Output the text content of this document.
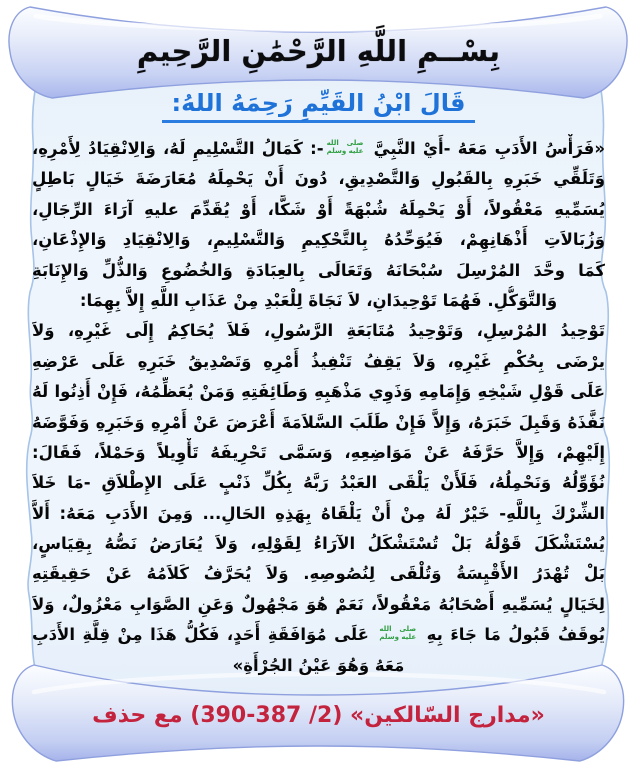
بِسْــمِ اللَّهِ الرَّحْمَٰنِ الرَّحِيمِ
قَالَ ابْنُ القَيِّمِ رَحِمَهُ اللهُ:
«فَرَأْسُ الأَدَبِ مَعَهُ -أَيْ النَّبِيَّ صلى الله
عليه وسلم-: كَمَالُ التَّسْلِيمِ لَهُ، وَالِانْقِيَادُ لِأَمْرِهِ،
وَتَلَقِّي خَبَرِهِ بِالقَبُولِ وَالتَّصْدِيقِ، دُونَ أَنْ يَحْمِلَهُ مُعَارَضَةَ خَيَالٍ بَاطِلٍ
يُسَمِّيهِ مَعْقُولاً، أَوْ يَحْمِلَهُ شُبْهَةً أَوْ شَكًّا، أَوْ يُقَدِّمَ عليهِ آرَاءَ الرِّجَالِ،
وَزُبَالاَتِ أَذْهَانِهِمْ، فَيُوَحِّدُهُ بِالتَّحْكِيمِ وَالتَّسْلِيمِ، وَالِانْقِيَادِ وَالإِذْعَانِ،
كَمَا وحَّدَ المُرْسِلَ سُبْحَانَهُ وَتَعَالَى بِالعِبَادَةِ وَالخُضُوعِ وَالذُّلِّ وَالإِنَابَةِ
وَالتَّوَكُّلِ. فَهُمَا تَوْحِيدَانِ، لاَ نَجَاةَ لِلْعَبْدِ مِنْ عَذَابِ اللَّهِ إِلاَّ بِهِمَا:
تَوْحِيدُ المُرْسِلِ، وَتَوْحِيدُ مُتَابَعَةِ الرَّسُولِ، فَلاَ يُحَاكِمُ إِلَى غَيْرِهِ، وَلاَ
يرْضَى بِحُكْمِ غَيْرِهِ، وَلاَ يَقِفُ تَنْفِيذُ أَمْرِهِ وَتَصْدِيقُ خَبَرِهِ عَلَى عَرْضِهِ
عَلَى قَوْلِ شَيْخِهِ وَإِمَامِهِ وَذَوِي مَذْهَبِهِ وَطَائِفَتِهِ وَمَنْ يُعَظِّمُهُ، فَإِنْ أَذِنُوا لَهُ
نَفَّذَهُ وَقَبِلَ خَبَرَهُ، وَإِلاَّ فَإِنْ طَلَبَ السَّلاَمَةَ أَعْرَضَ عَنْ أَمْرِهِ وَخَبَرِهِ وَفَوَّضَهُ
إِلَيْهِمْ، وَإِلاَّ حَرَّفَهُ عَنْ مَوَاضِعِهِ، وَسَمَّى تَحْرِيفَهُ تَأْوِيلاً وَحَمْلاً، فَقَالَ:
نُؤَوِّلُهُ وَنَحْمِلُهُ، فَلَأَنْ يَلْقَى العَبْدُ رَبَّهُ بِكُلِّ ذَنْبٍ عَلَى الإِطْلاَقِ -مَا خَلاَ
الشِّرْكَ بِاللَّهِ- خَيْرٌ لَهُ مِنْ أَنْ يَلْقَاهُ بِهَذِهِ الحَالِ... وَمِنَ الأَدَبِ مَعَهُ: أَلاَّ
يُسْتَشْكَلَ قَوْلُهُ بَلْ تُسْتَشْكَلُ الآرَاءُ لِقَوْلِهِ، وَلاَ يُعَارَضُ نَصُّهُ بِقِيَاسٍ،
بَلْ تُهْدَرُ الأَقْيِسَةُ وَتُلْقَى لِنُصُوصِهِ. وَلاَ يُحَرَّفُ كَلاَمُهُ عَنْ حَقِيقَتِهِ
لِخَيَالٍ يُسَمِّيهِ أَصْحَابُهُ مَعْقُولاً، نَعَمْ هُوَ مَجْهُولٌ وَعَنِ الصَّوَابِ مَعْزُولٌ، وَلاَ
يُوقَفُ قَبُولُ مَا جَاءَ بِهِ صلى الله
عليه وسلم عَلَى مُوَافَقَةِ أَحَدٍ، فَكُلُّ هَذَا مِنْ قِلَّةِ الأَدَبِ
مَعَهُ وَهُوَ عَيْنُ الجُرْأَةِ»
«مدارج السّالكين» (2/ 387-390) مع حذف
